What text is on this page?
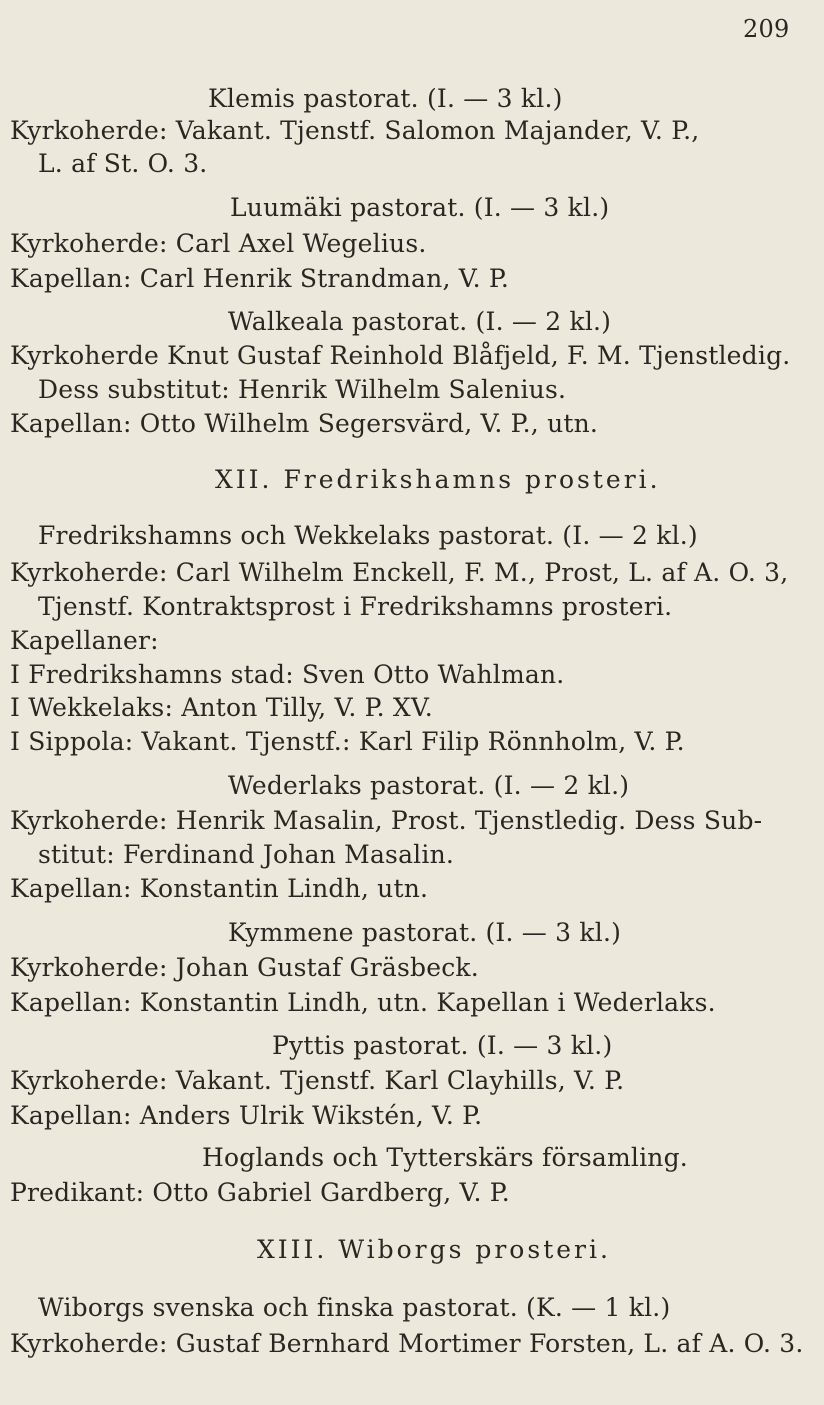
209
Klemis pastorat. (I. — 3 kl.)
Kyrkoherde: Vakant. Tjenstf. Salomon Majander, V. P.,
L. af St. O. 3.
Luumäki pastorat. (I. — 3 kl.)
Kyrkoherde: Carl Axel Wegelius.
Kapellan: Carl Henrik Strandman, V. P.
Walkeala pastorat. (I. — 2 kl.)
Kyrkoherde Knut Gustaf Reinhold Blåfjeld, F. M. Tjenstledig.
Dess substitut: Henrik Wilhelm Salenius.
Kapellan: Otto Wilhelm Segersvärd, V. P., utn.
XII. Fredrikshamns prosteri.
Fredrikshamns och Wekkelaks pastorat. (I. — 2 kl.)
Kyrkoherde: Carl Wilhelm Enckell, F. M., Prost, L. af A. O. 3,
Tjenstf. Kontraktsprost i Fredrikshamns prosteri.
Kapellaner:
I Fredrikshamns stad: Sven Otto Wahlman.
I Wekkelaks: Anton Tilly, V. P. XV.
I Sippola: Vakant. Tjenstf.: Karl Filip Rönnholm, V. P.
Wederlaks pastorat. (I. — 2 kl.)
Kyrkoherde: Henrik Masalin, Prost. Tjenstledig. Dess Sub-
stitut: Ferdinand Johan Masalin.
Kapellan: Konstantin Lindh, utn.
Kymmene pastorat. (I. — 3 kl.)
Kyrkoherde: Johan Gustaf Gräsbeck.
Kapellan: Konstantin Lindh, utn. Kapellan i Wederlaks.
Pyttis pastorat. (I. — 3 kl.)
Kyrkoherde: Vakant. Tjenstf. Karl Clayhills, V. P.
Kapellan: Anders Ulrik Wikstén, V. P.
Hoglands och Tytterskärs församling.
Predikant: Otto Gabriel Gardberg, V. P.
XIII. Wiborgs prosteri.
Wiborgs svenska och finska pastorat. (K. — 1 kl.)
Kyrkoherde: Gustaf Bernhard Mortimer Forsten, L. af A. O. 3.
